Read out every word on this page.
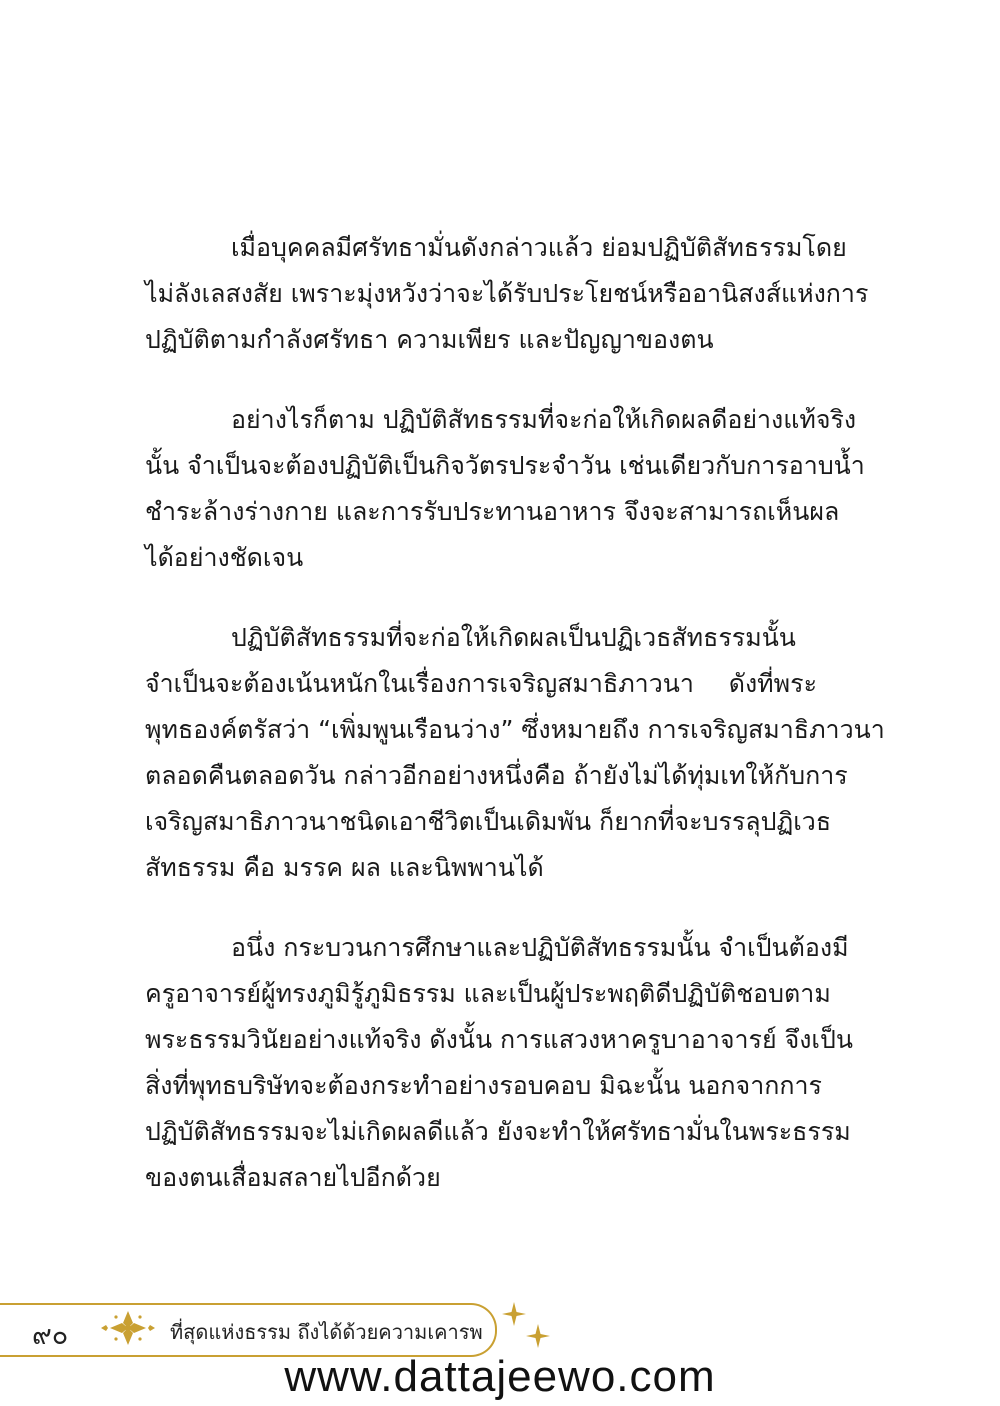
เมื่อบุคคลมีศรัทธามั่นดังกล่าวแล้ว ย่อมปฏิบัติสัทธรรมโดย
ไม่ลังเลสงสัย เพราะมุ่งหวังว่าจะได้รับประโยชน์หรืออานิสงส์แห่งการ
ปฏิบัติตามกำลังศรัทธา ความเพียร และปัญญาของตน
อย่างไรก็ตาม ปฏิบัติสัทธรรมที่จะก่อให้เกิดผลดีอย่างแท้จริง
นั้น จำเป็นจะต้องปฏิบัติเป็นกิจวัตรประจำวัน เช่นเดียวกับการอาบน้ำ
ชำระล้างร่างกาย และการรับประทานอาหาร จึงจะสามารถเห็นผล
ได้อย่างชัดเจน
ปฏิบัติสัทธรรมที่จะก่อให้เกิดผลเป็นปฏิเวธสัทธรรมนั้น
จำเป็นจะต้องเน้นหนักในเรื่องการเจริญสมาธิภาวนา ดังที่พระ
พุทธองค์ตรัสว่า “เพิ่มพูนเรือนว่าง” ซึ่งหมายถึง การเจริญสมาธิภาวนา
ตลอดคืนตลอดวัน กล่าวอีกอย่างหนึ่งคือ ถ้ายังไม่ได้ทุ่มเทให้กับการ
เจริญสมาธิภาวนาชนิดเอาชีวิตเป็นเดิมพัน ก็ยากที่จะบรรลุปฏิเวธ
สัทธรรม คือ มรรค ผล และนิพพานได้
อนึ่ง กระบวนการศึกษาและปฏิบัติสัทธรรมนั้น จำเป็นต้องมี
ครูอาจารย์ผู้ทรงภูมิรู้ภูมิธรรม และเป็นผู้ประพฤติดีปฏิบัติชอบตาม
พระธรรมวินัยอย่างแท้จริง ดังนั้น การแสวงหาครูบาอาจารย์ จึงเป็น
สิ่งที่พุทธบริษัทจะต้องกระทำอย่างรอบคอบ มิฉะนั้น นอกจากการ
ปฏิบัติสัทธรรมจะไม่เกิดผลดีแล้ว ยังจะทำให้ศรัทธามั่นในพระธรรม
ของตนเสื่อมสลายไปอีกด้วย
๙๐	ที่สุดแห่งธรรม ถึงได้ด้วยความเคารพ
www.dattajeewo.com
